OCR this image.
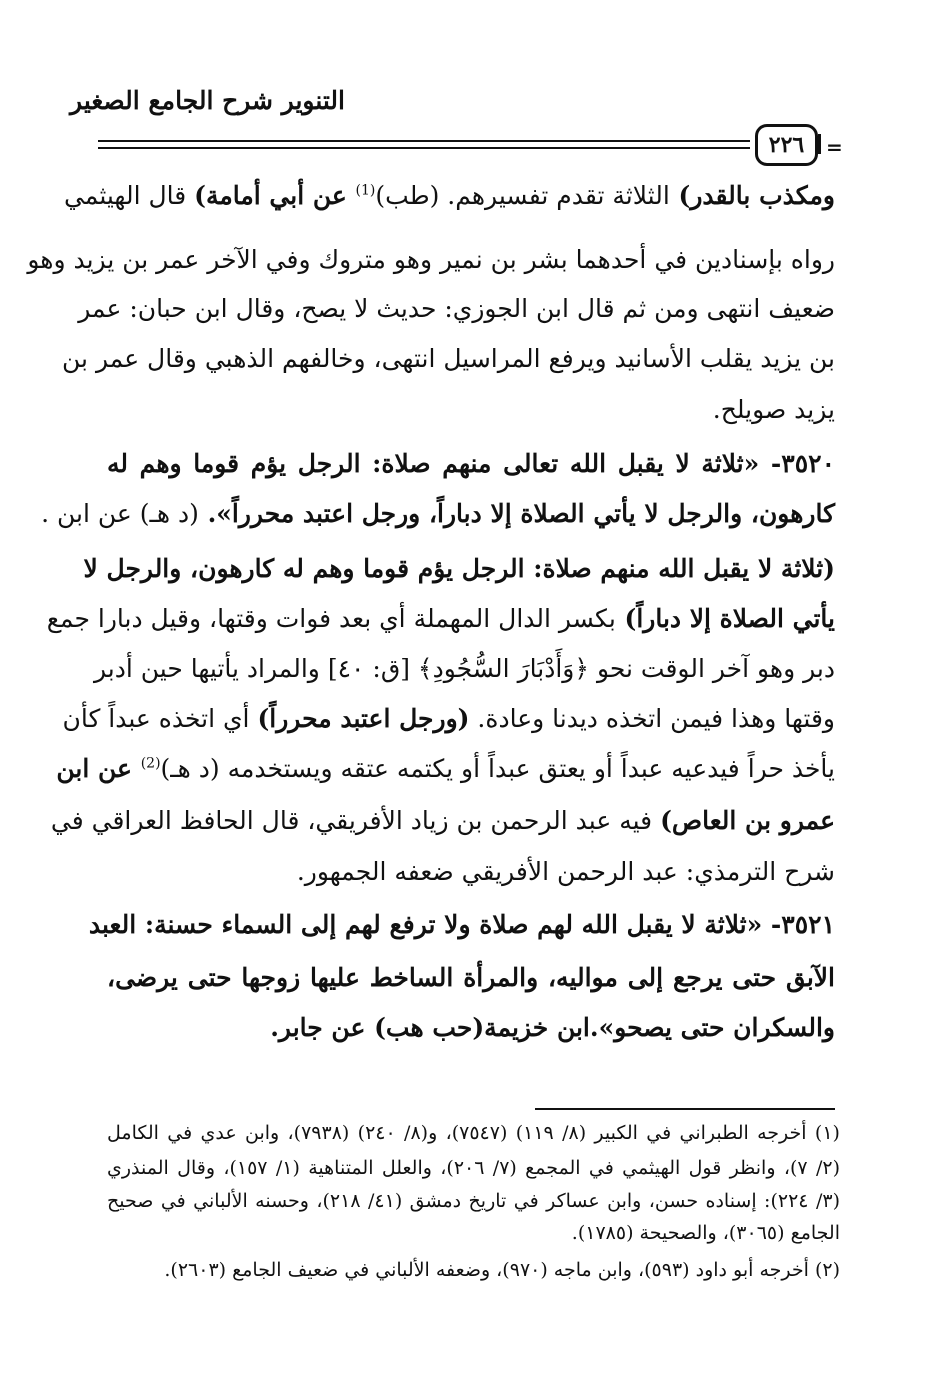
التنوير شرح الجامع الصغير
٢٢٦ =
ومكذب بالقدر) الثلاثة تقدم تفسيرهم. (طب)$^{(1)}$ عن أبي أمامة) قال الهيثمي
رواه بإسنادين في أحدهما بشر بن نمير وهو متروك وفي الآخر عمر بن يزيد وهو
ضعيف انتهى ومن ثم قال ابن الجوزي: حديث لا يصح، وقال ابن حبان: عمر
بن يزيد يقلب الأسانيد ويرفع المراسيل انتهى، وخالفهم الذهبي وقال عمر بن
يزيد صويلح.
٣٥٢٠- «ثلاثة لا يقبل الله تعالى منهم صلاة: الرجل يؤم قوما وهم له
كارهون، والرجل لا يأتي الصلاة إلا دباراً، ورجل اعتبد محرراً». (د هـ) عن ابن .
(ثلاثة لا يقبل الله منهم صلاة: الرجل يؤم قوما وهم له كارهون، والرجل لا
يأتي الصلاة إلا دباراً) بكسر الدال المهملة أي بعد فوات وقتها، وقيل دبارا جمع
دبر وهو آخر الوقت نحو ﴿وَأَدْبَارَ السُّجُودِ﴾ [ق: ٤٠] والمراد يأتيها حين أدبر
وقتها وهذا فيمن اتخذه ديدنا وعادة. (ورجل اعتبد محرراً) أي اتخذه عبداً كأن
يأخذ حراً فيدعيه عبداً أو يعتق عبداً أو يكتمه عتقه ويستخدمه (د هـ)$^{(2)}$ عن ابن
عمرو بن العاص) فيه عبد الرحمن بن زياد الأفريقي، قال الحافظ العراقي في
شرح الترمذي: عبد الرحمن الأفريقي ضعفه الجمهور.
٣٥٢١- «ثلاثة لا يقبل الله لهم صلاة ولا ترفع لهم إلى السماء حسنة: العبد
الآبق حتى يرجع إلى مواليه، والمرأة الساخط عليها زوجها حتى يرضى،
والسكران حتى يصحو».ابن خزيمة(حب هب) عن جابر.
(١) أخرجه الطبراني في الكبير (٨/ ١١٩) (٧٥٤٧)، و(٨/ ٢٤٠) (٧٩٣٨)، وابن عدي في الكامل
(٢/ ٧)، وانظر قول الهيثمي في المجمع (٧/ ٢٠٦)، والعلل المتناهية (١/ ١٥٧)، وقال المنذري
(٣/ ٢٢٤): إسناده حسن، وابن عساكر في تاريخ دمشق (٤١/ ٢١٨)، وحسنه الألباني في صحيح
الجامع (٣٠٦٥)، والصحيحة (١٧٨٥).
(٢) أخرجه أبو داود (٥٩٣)، وابن ماجه (٩٧٠)، وضعفه الألباني في ضعيف الجامع (٢٦٠٣).
